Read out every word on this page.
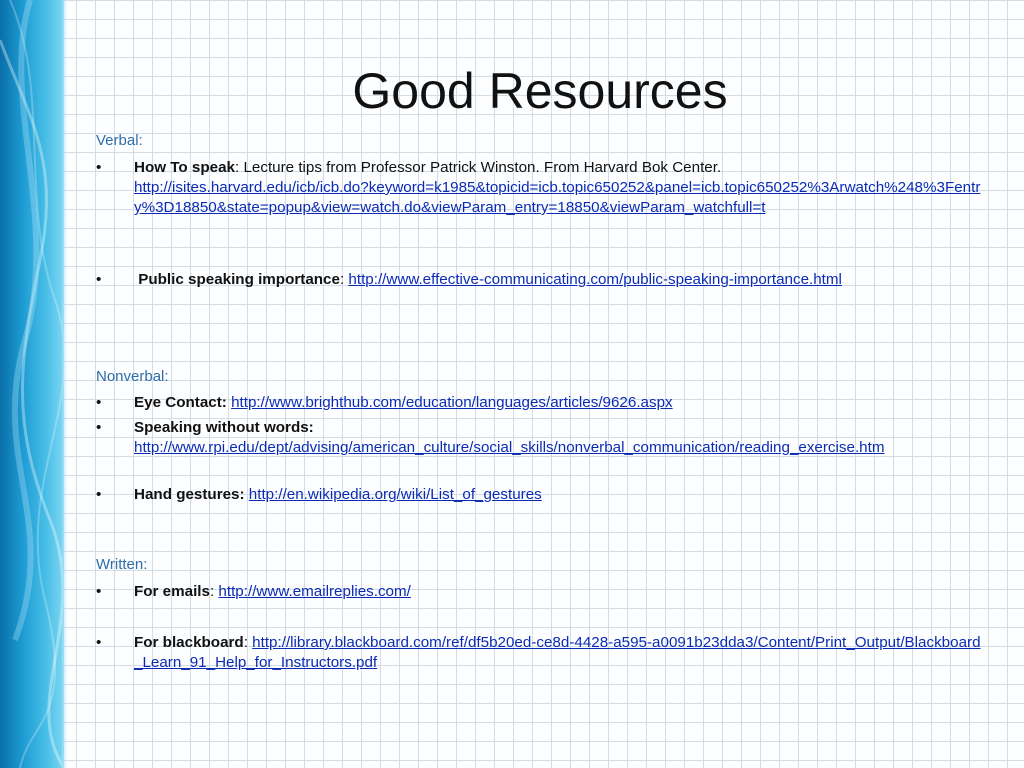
Good Resources
Verbal:
• How To speak: Lecture tips from Professor Patrick Winston. From Harvard Bok Center.
http://isites.harvard.edu/icb/icb.do?keyword=k1985&topicid=icb.topic650252&panel=icb.topic650252%3Arwatch%248%3Fentry%3D18850&state=popup&view=watch.do&viewParam_entry=18850&viewParam_watchfull=t
• Public speaking importance: http://www.effective-communicating.com/public-speaking-importance.html
Nonverbal:
• Eye Contact: http://www.brighthub.com/education/languages/articles/9626.aspx
• Speaking without words:
http://www.rpi.edu/dept/advising/american_culture/social_skills/nonverbal_communication/reading_exercise.htm
• Hand gestures: http://en.wikipedia.org/wiki/List_of_gestures
Written:
• For emails: http://www.emailreplies.com/
• For blackboard: http://library.blackboard.com/ref/df5b20ed-ce8d-4428-a595-a0091b23dda3/Content/Print_Output/Blackboard_Learn_91_Help_for_Instructors.pdf
